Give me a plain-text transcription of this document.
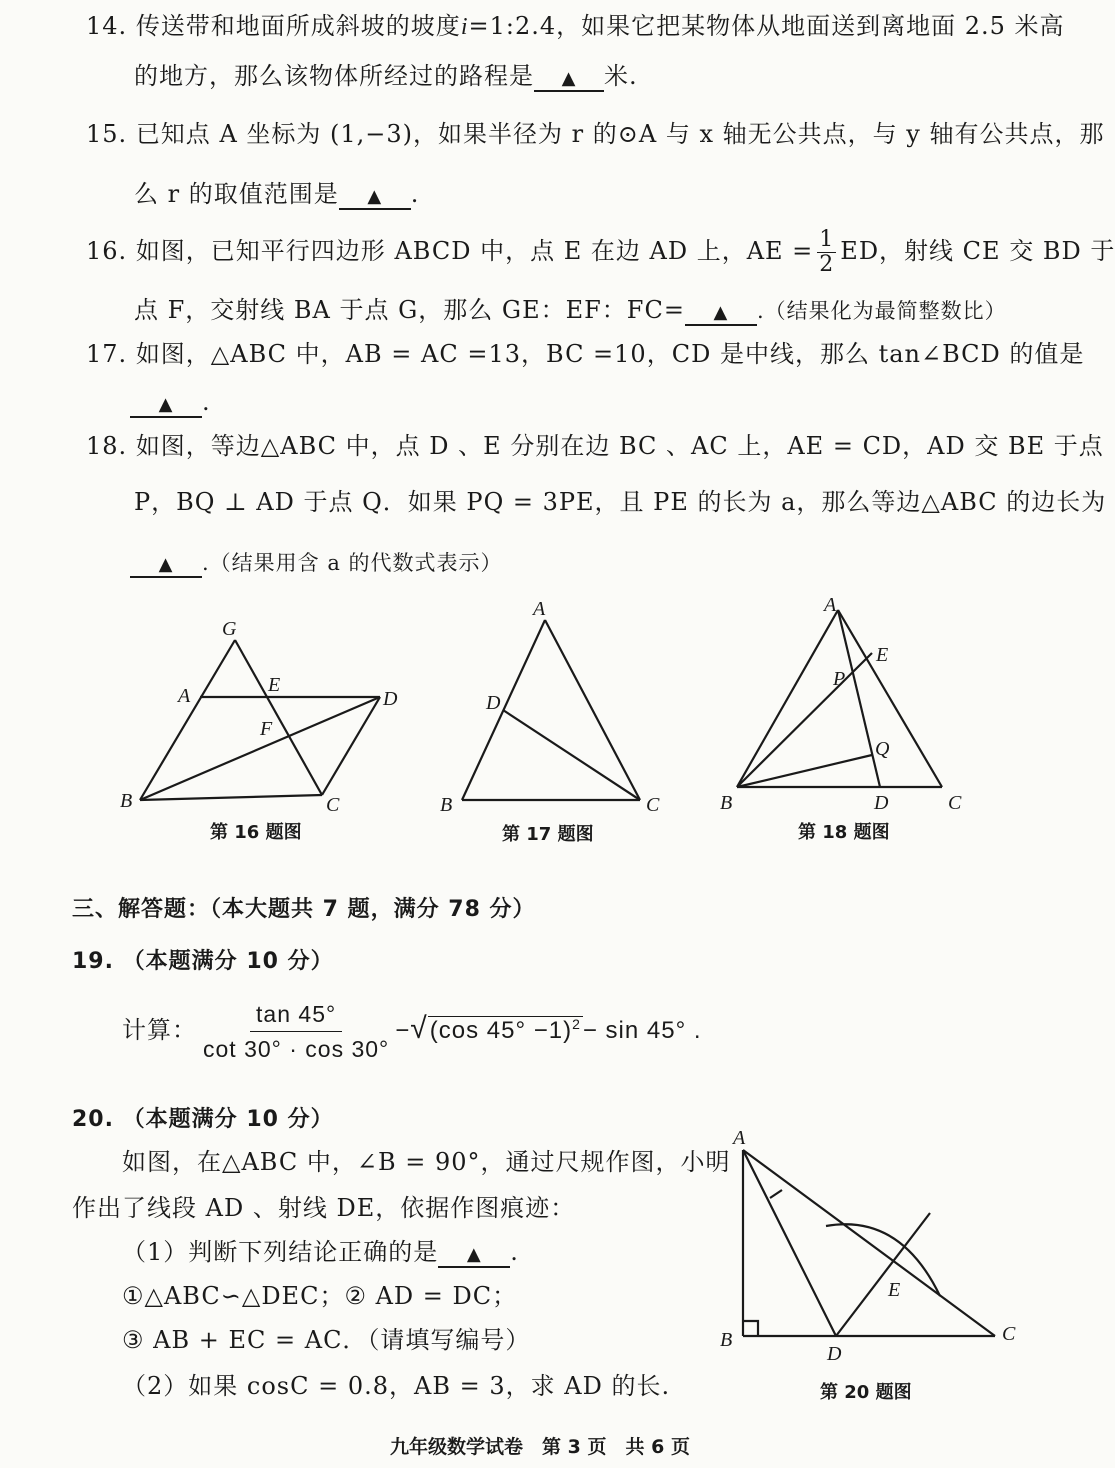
14. 传送带和地面所成斜坡的坡度i=1:2.4，如果它把某物体从地面送到离地面 2.5 米高
的地方，那么该物体所经过的路程是 ▲ 米.
15. 已知点 A 坐标为 (1,−3)，如果半径为 r 的⊙A 与 x 轴无公共点，与 y 轴有公共点，那
么 r 的取值范围是 ▲ .
16. 如图，已知平行四边形 ABCD 中，点 E 在边 AD 上，AE = $\frac{1}{2}$ ED，射线 CE 交 BD 于
点 F，交射线 BA 于点 G，那么 GE：EF：FC= ▲ .（结果化为最简整数比）
17. 如图，△ABC 中，AB = AC =13，BC =10，CD 是中线，那么 tan∠BCD 的值是
▲ .
18. 如图，等边△ABC 中，点 D 、E 分别在边 BC 、AC 上，AE = CD，AD 交 BE 于点
P，BQ ⊥ AD 于点 Q．如果 PQ = 3PE，且 PE 的长为 a，那么等边△ABC 的边长为
▲ .（结果用含 a 的代数式表示）
G
A	E
D
F
B	C
A
D
B	C
A
E
P
Q
B	D	C
第 16 题图	第 17 题图	第 18 题图
三、解答题：（本大题共 7 题，满分 78 分）
19. （本题满分 10 分）
计算： $\frac{\tan 45^\circ}{\cot 30^\circ \cdot \cos 30^\circ} -√(\cos$ 45° −1)$^2$− sin 45° .
20. （本题满分 10 分）
如图，在△ABC 中，∠B = 90°，通过尺规作图，小明
作出了线段 AD 、射线 DE，依据作图痕迹：
（1）判断下列结论正确的是 ▲ .
①△ABC∽△DEC；② AD = DC；
③ AB + EC = AC．（请填写编号）
（2）如果 cosC = 0.8，AB = 3，求 AD 的长.
A
E
B
D
C
第 20 题图
九年级数学试卷　第 3 页　共 6 页
